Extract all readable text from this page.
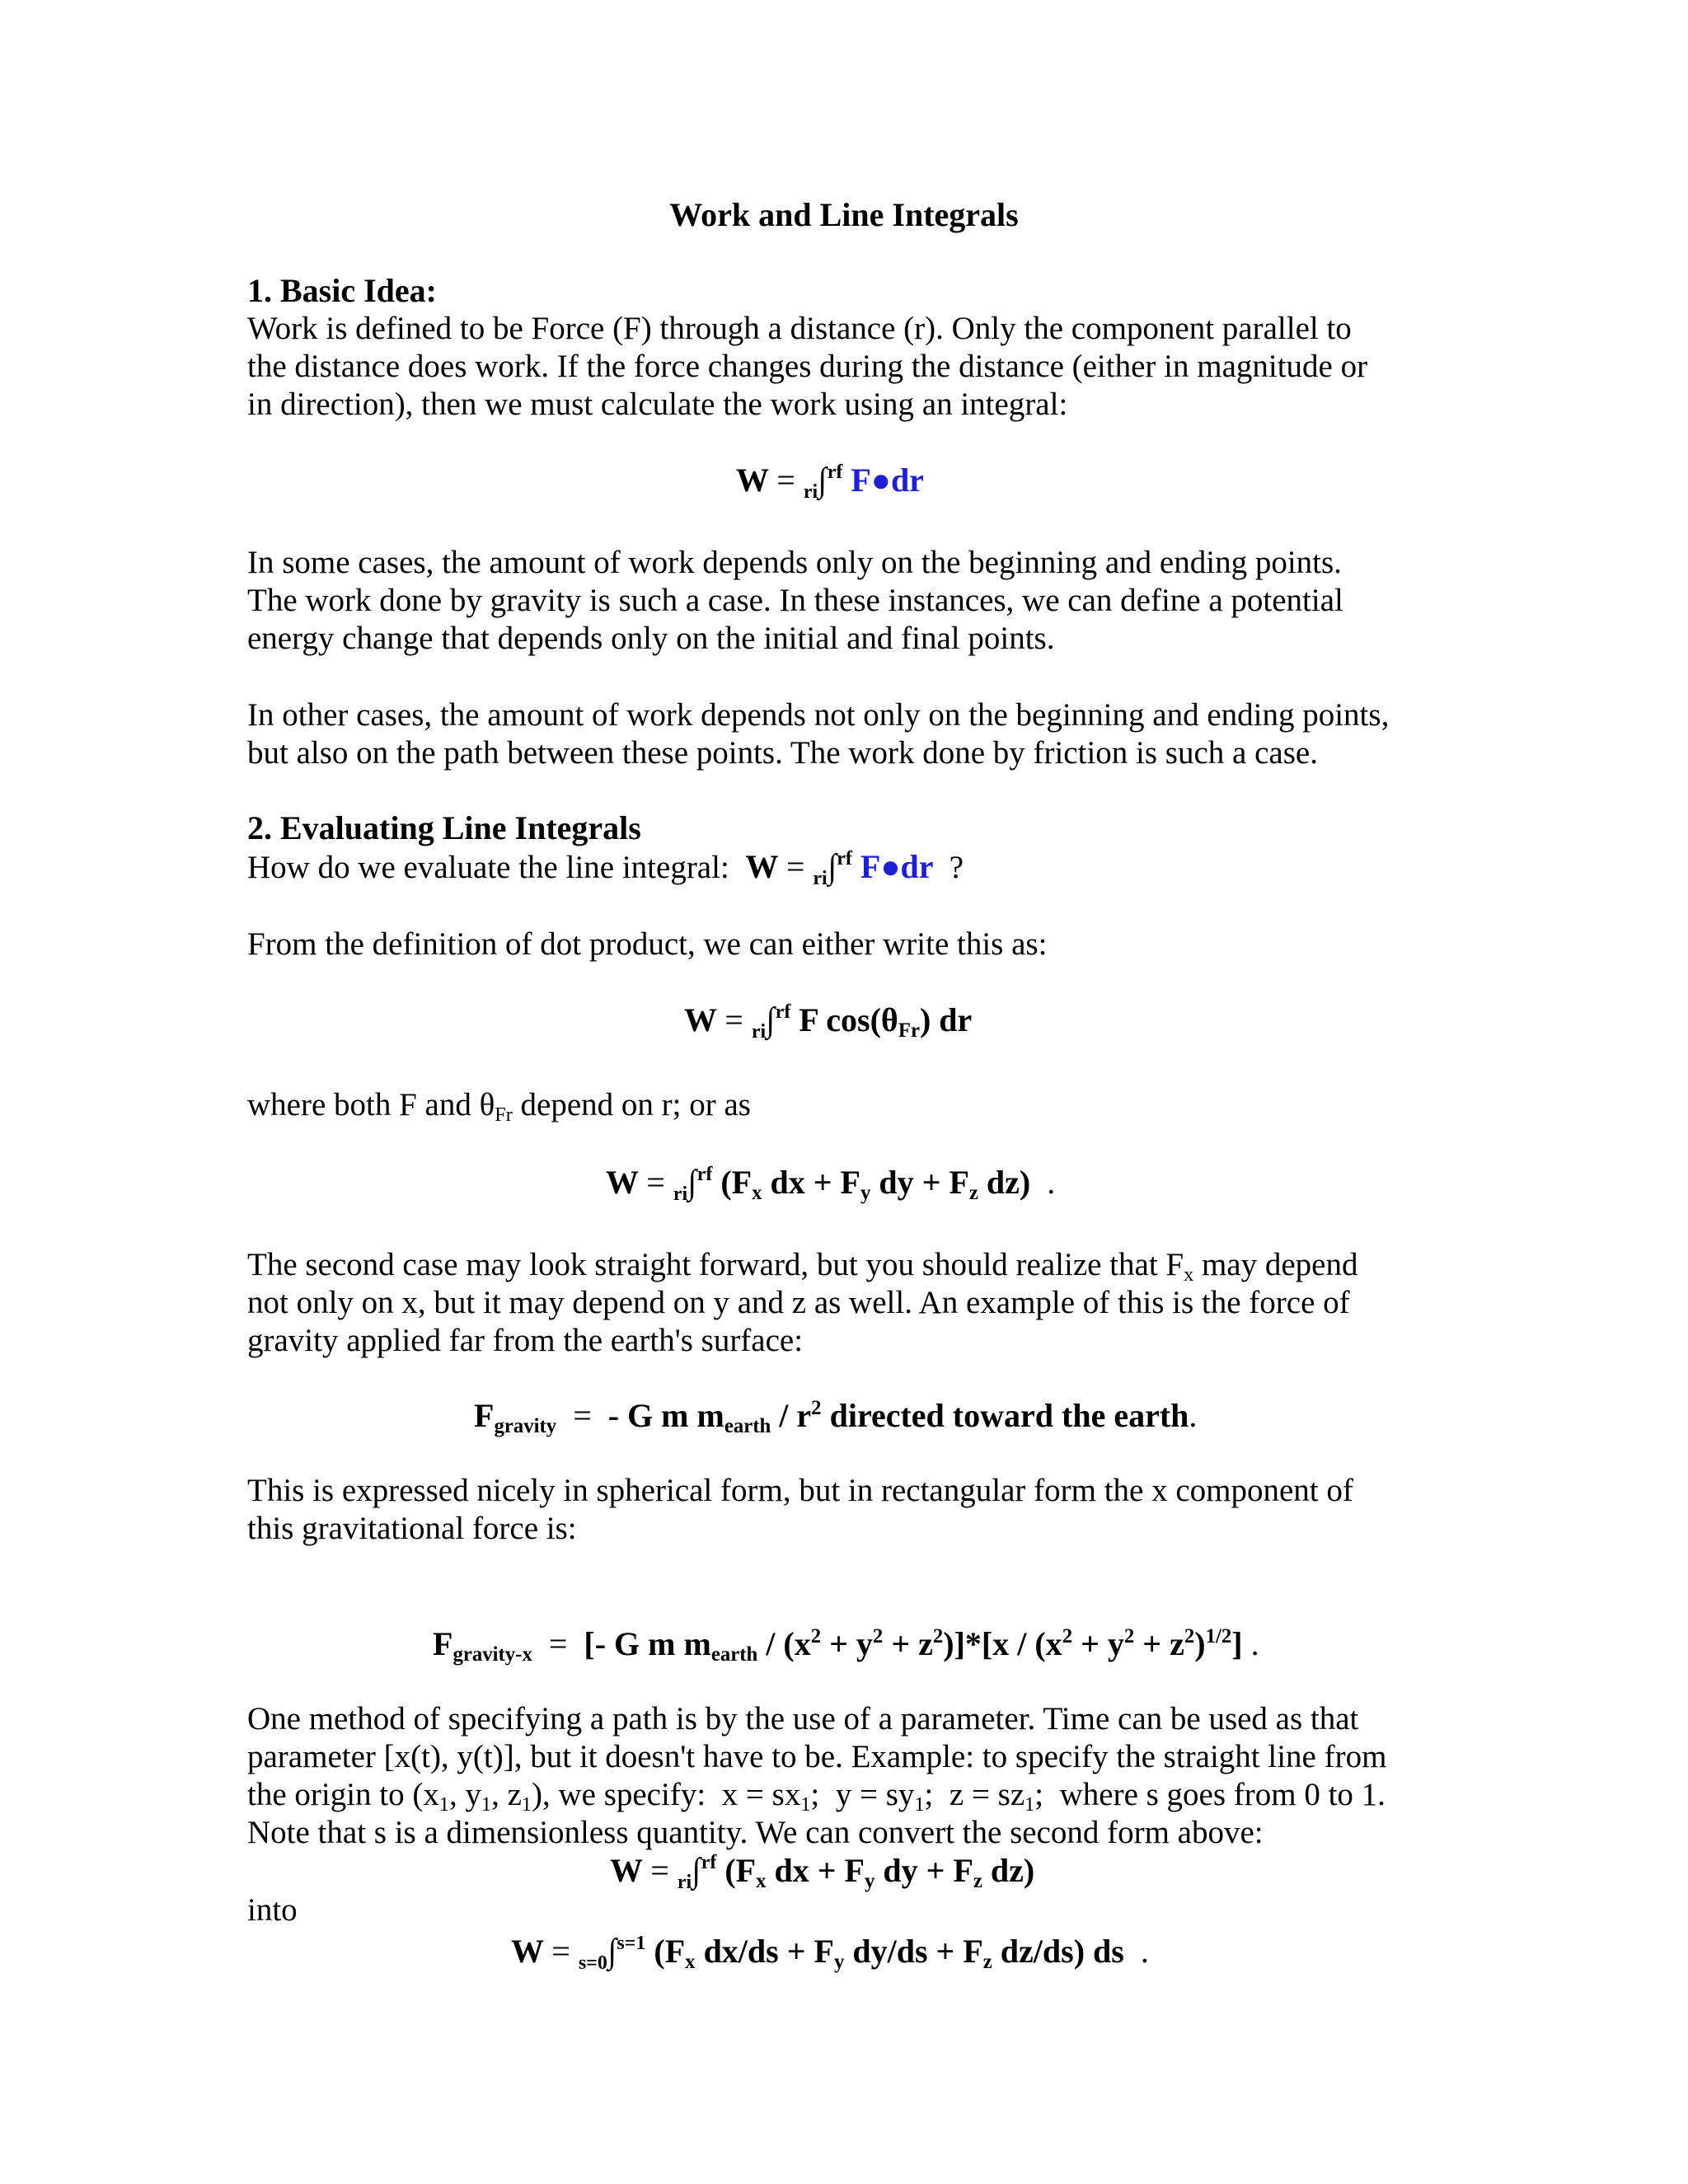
Work and Line Integrals
1. Basic Idea:
Work is defined to be Force (F) through a distance (r). Only the component parallel to
the distance does work. If the force changes during the distance (either in magnitude or
in direction), then we must calculate the work using an integral:
W = $_{ri}$∫$^{rf}$ F●dr
In some cases, the amount of work depends only on the beginning and ending points.
The work done by gravity is such a case. In these instances, we can define a potential
energy change that depends only on the initial and final points.
In other cases, the amount of work depends not only on the beginning and ending points,
but also on the path between these points. The work done by friction is such a case.
2. Evaluating Line Integrals
How do we evaluate the line integral: W = $_{ri}$∫$^{rf}$ F●dr ?
From the definition of dot product, we can either write this as:
W = $_{ri}$∫$^{rf}$ F $\cos(\theta_{Fr})$ dr
where both F and $\theta_{Fr}$ depend on r; or as
W = $_{ri}$∫$^{rf}$ ($F_x$ dx + $F_y$ dy + $F_z$ dz)  .
The second case may look straight forward, but you should realize that $F_x$ may depend
not only on x, but it may depend on y and z as well. An example of this is the force of
gravity applied far from the earth's surface:
$F_{gravity}$ =  - G m $m_{earth} / r^2$ directed toward the earth.
This is expressed nicely in spherical form, but in rectangular form the x component of
this gravitational force is:
$F_{gravity-x}$ =  [- G m $m_{earth} / (x^2 + y^2 + z^2)]*[x / (x^2 + y^2 + z^2)^{1/2}]$ .
One method of specifying a path is by the use of a parameter. Time can be used as that
parameter [x(t), y(t)], but it doesn't have to be. Example: to specify the straight line from
the origin to ($x_1$, $y_1$, $z_1$), we specify:  $x = sx_1$;  $y = sy_1$;  $z = sz_1$;  where s goes from 0 to 1.
Note that s is a dimensionless quantity. We can convert the second form above:
W = $_{ri}$∫$^{rf}$ ($F_x$ dx + $F_y$ dy + $F_z$ dz)
into
W = $_{s=0}$∫$^{s=1}$ ($F_x$ $dx/ds + F_y$ $dy/ds + F_z$ dz/ds) ds  .
